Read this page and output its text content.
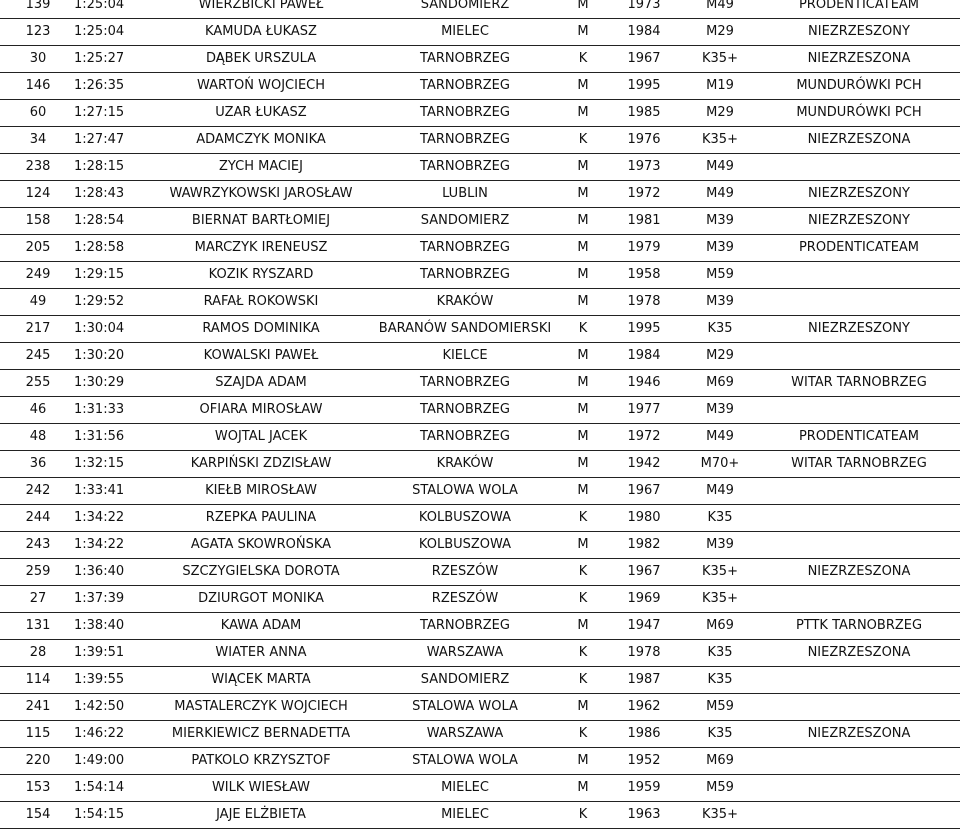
139	1:25:04	WIERZBICKI PAWEŁ	SANDOMIERZ	M	1973	M49	PRODENTICATEAM
123	1:25:04	KAMUDA ŁUKASZ	MIELEC	M	1984	M29	NIEZRZESZONY
30	1:25:27	DĄBEK URSZULA	TARNOBRZEG	K	1967	K35+	NIEZRZESZONA
146	1:26:35	WARTOŃ WOJCIECH	TARNOBRZEG	M	1995	M19	MUNDURÓWKI PCH
60	1:27:15	UZAR ŁUKASZ	TARNOBRZEG	M	1985	M29	MUNDURÓWKI PCH
34	1:27:47	ADAMCZYK MONIKA	TARNOBRZEG	K	1976	K35+	NIEZRZESZONA
238	1:28:15	ZYCH MACIEJ	TARNOBRZEG	M	1973	M49	
124	1:28:43	WAWRZYKOWSKI JAROSŁAW	LUBLIN	M	1972	M49	NIEZRZESZONY
158	1:28:54	BIERNAT BARTŁOMIEJ	SANDOMIERZ	M	1981	M39	NIEZRZESZONY
205	1:28:58	MARCZYK IRENEUSZ	TARNOBRZEG	M	1979	M39	PRODENTICATEAM
249	1:29:15	KOZIK RYSZARD	TARNOBRZEG	M	1958	M59	
49	1:29:52	RAFAŁ ROKOWSKI	KRAKÓW	M	1978	M39	
217	1:30:04	RAMOS DOMINIKA	BARANÓW SANDOMIERSKI	K	1995	K35	NIEZRZESZONY
245	1:30:20	KOWALSKI PAWEŁ	KIELCE	M	1984	M29	
255	1:30:29	SZAJDA ADAM	TARNOBRZEG	M	1946	M69	WITAR TARNOBRZEG
46	1:31:33	OFIARA MIROSŁAW	TARNOBRZEG	M	1977	M39	
48	1:31:56	WOJTAL JACEK	TARNOBRZEG	M	1972	M49	PRODENTICATEAM
36	1:32:15	KARPIŃSKI ZDZISŁAW	KRAKÓW	M	1942	M70+	WITAR TARNOBRZEG
242	1:33:41	KIEŁB MIROSŁAW	STALOWA WOLA	M	1967	M49	
244	1:34:22	RZEPKA PAULINA	KOLBUSZOWA	K	1980	K35	
243	1:34:22	AGATA SKOWROŃSKA	KOLBUSZOWA	M	1982	M39	
259	1:36:40	SZCZYGIELSKA DOROTA	RZESZÓW	K	1967	K35+	NIEZRZESZONA
27	1:37:39	DZIURGOT MONIKA	RZESZÓW	K	1969	K35+	
131	1:38:40	KAWA ADAM	TARNOBRZEG	M	1947	M69	PTTK TARNOBRZEG
28	1:39:51	WIATER ANNA	WARSZAWA	K	1978	K35	NIEZRZESZONA
114	1:39:55	WIĄCEK MARTA	SANDOMIERZ	K	1987	K35	
241	1:42:50	MASTALERCZYK WOJCIECH	STALOWA WOLA	M	1962	M59	
115	1:46:22	MIERKIEWICZ BERNADETTA	WARSZAWA	K	1986	K35	NIEZRZESZONA
220	1:49:00	PATKOLO KRZYSZTOF	STALOWA WOLA	M	1952	M69	
153	1:54:14	WILK WIESŁAW	MIELEC	M	1959	M59	
154	1:54:15	JAJE ELŻBIETA	MIELEC	K	1963	K35+	
